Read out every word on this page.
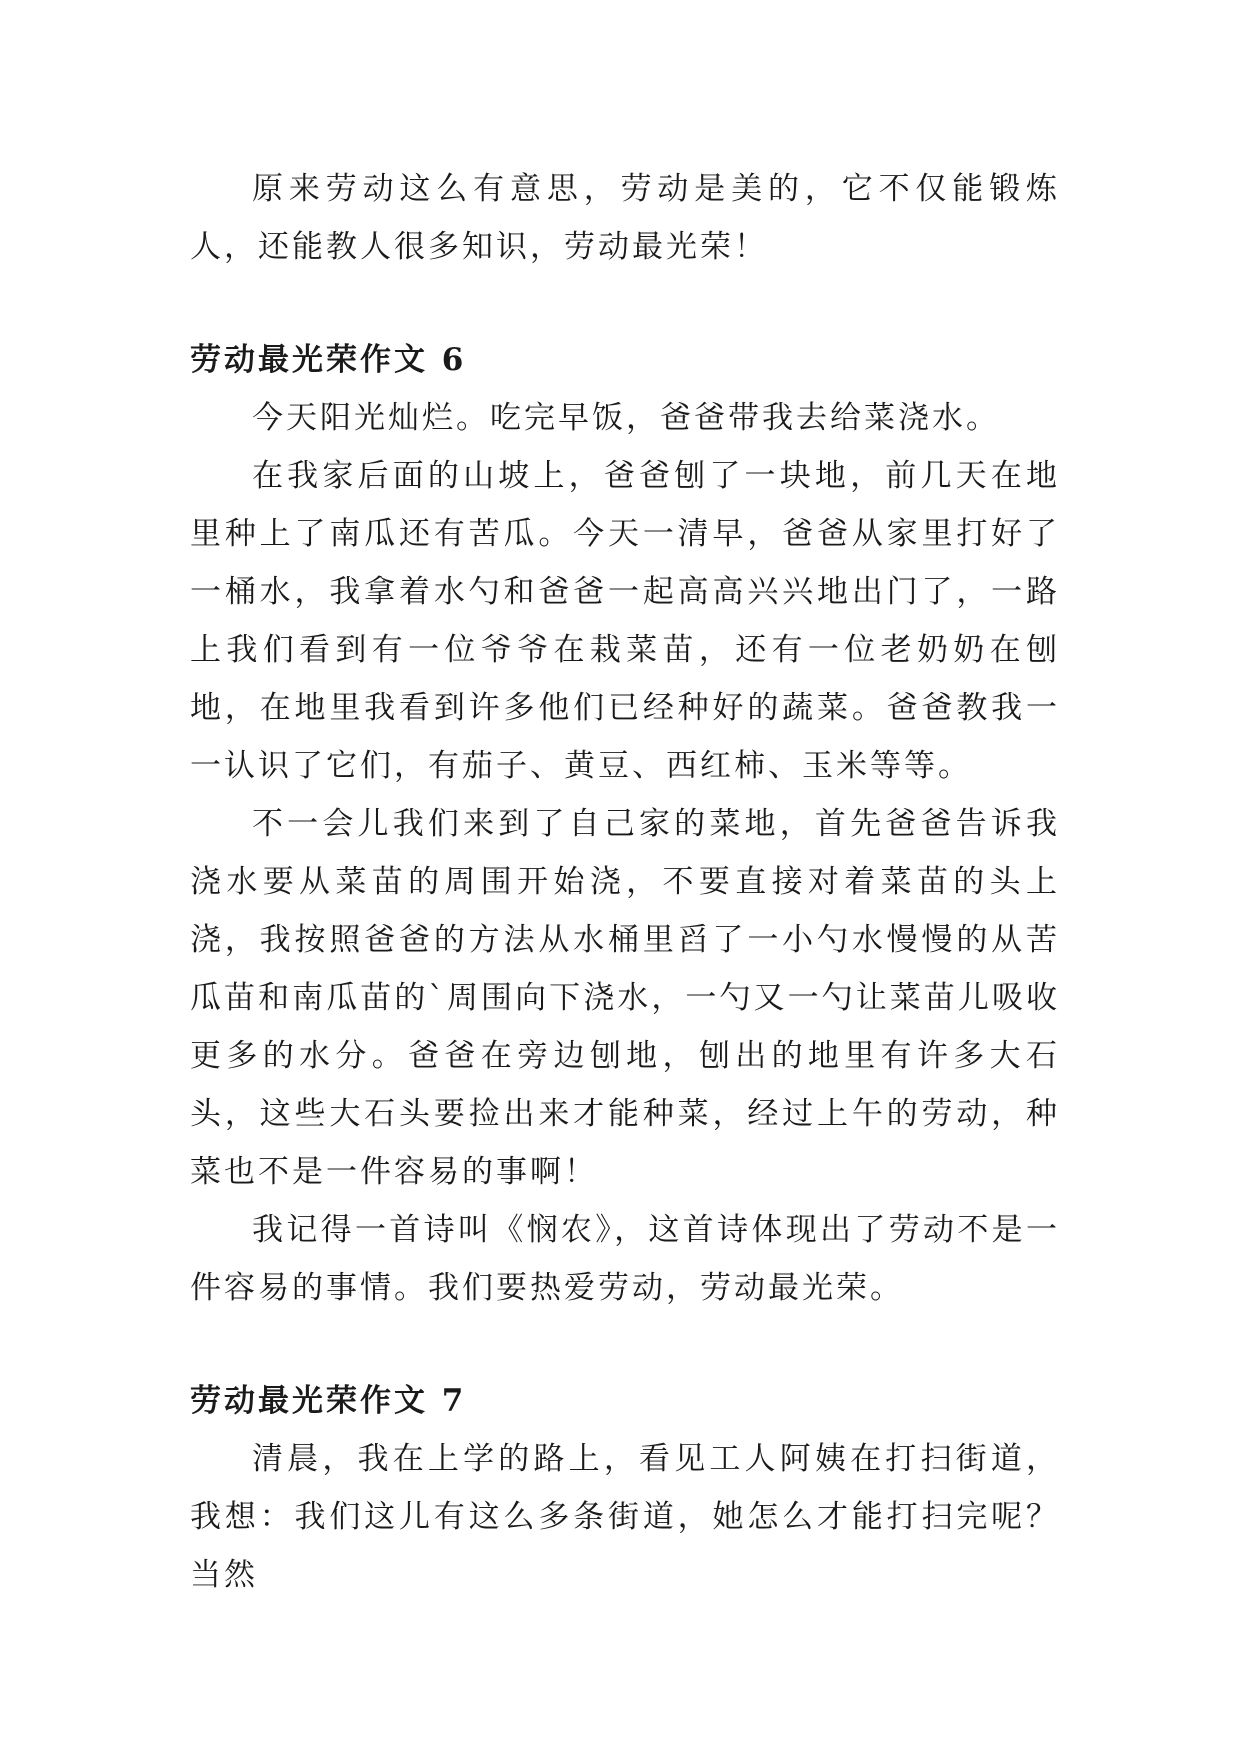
原来劳动这么有意思，劳动是美的，它不仅能锻炼人，还能教人很多知识，劳动最光荣！

劳动最光荣作文 6

今天阳光灿烂。吃完早饭，爸爸带我去给菜浇水。

在我家后面的山坡上，爸爸刨了一块地，前几天在地里种上了南瓜还有苦瓜。今天一清早，爸爸从家里打好了一桶水，我拿着水勺和爸爸一起高高兴兴地出门了，一路上我们看到有一位爷爷在栽菜苗，还有一位老奶奶在刨地，在地里我看到许多他们已经种好的蔬菜。爸爸教我一一认识了它们，有茄子、黄豆、西红柿、玉米等等。

不一会儿我们来到了自己家的菜地，首先爸爸告诉我浇水要从菜苗的周围开始浇，不要直接对着菜苗的头上浇，我按照爸爸的方法从水桶里舀了一小勺水慢慢的从苦瓜苗和南瓜苗的`周围向下浇水，一勺又一勺让菜苗儿吸收更多的水分。爸爸在旁边刨地，刨出的地里有许多大石头，这些大石头要捡出来才能种菜，经过上午的劳动，种菜也不是一件容易的事啊！

我记得一首诗叫《悯农》，这首诗体现出了劳动不是一件容易的事情。我们要热爱劳动，劳动最光荣。

劳动最光荣作文 7

清晨，我在上学的路上，看见工人阿姨在打扫街道，我想：我们这儿有这么多条街道，她怎么才能打扫完呢？当然
